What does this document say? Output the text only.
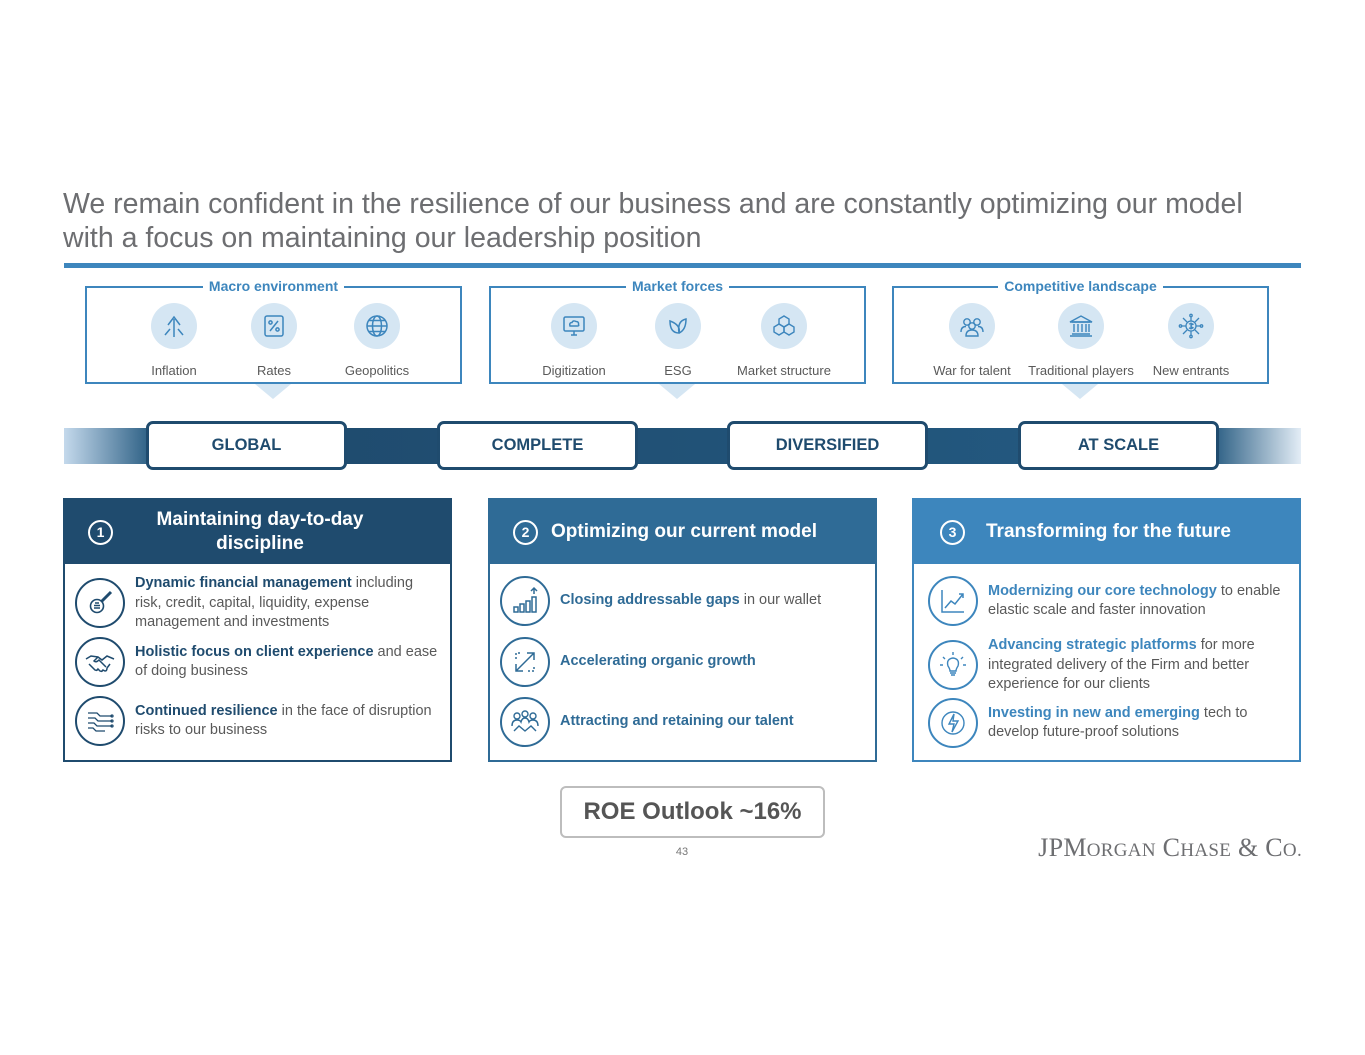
We remain confident in the resilience of our business and are constantly optimizing our model
with a focus on maintaining our leadership position
Macro environment
Inflation	Rates	Geopolitics
Market forces
Digitization	ESG	Market structure
Competitive landscape
War for talent	Traditional players	New entrants
GLOBAL	COMPLETE	DIVERSIFIED	AT SCALE
1
Maintaining day-to-day
discipline
Dynamic financial management including risk, credit, capital, liquidity, expense management and investments
Holistic focus on client experience and ease of doing business
Continued resilience in the face of disruption risks to our business
2	Optimizing our current model
Closing addressable gaps in our wallet
Accelerating organic growth
Attracting and retaining our talent
3	Transforming for the future
Modernizing our core technology to enable elastic scale and faster innovation
Advancing strategic platforms for more integrated delivery of the Firm and better experience for our clients
Investing in new and emerging tech to develop future-proof solutions
ROE Outlook ~16%
43	JPMORGAN CHASE & CO.
